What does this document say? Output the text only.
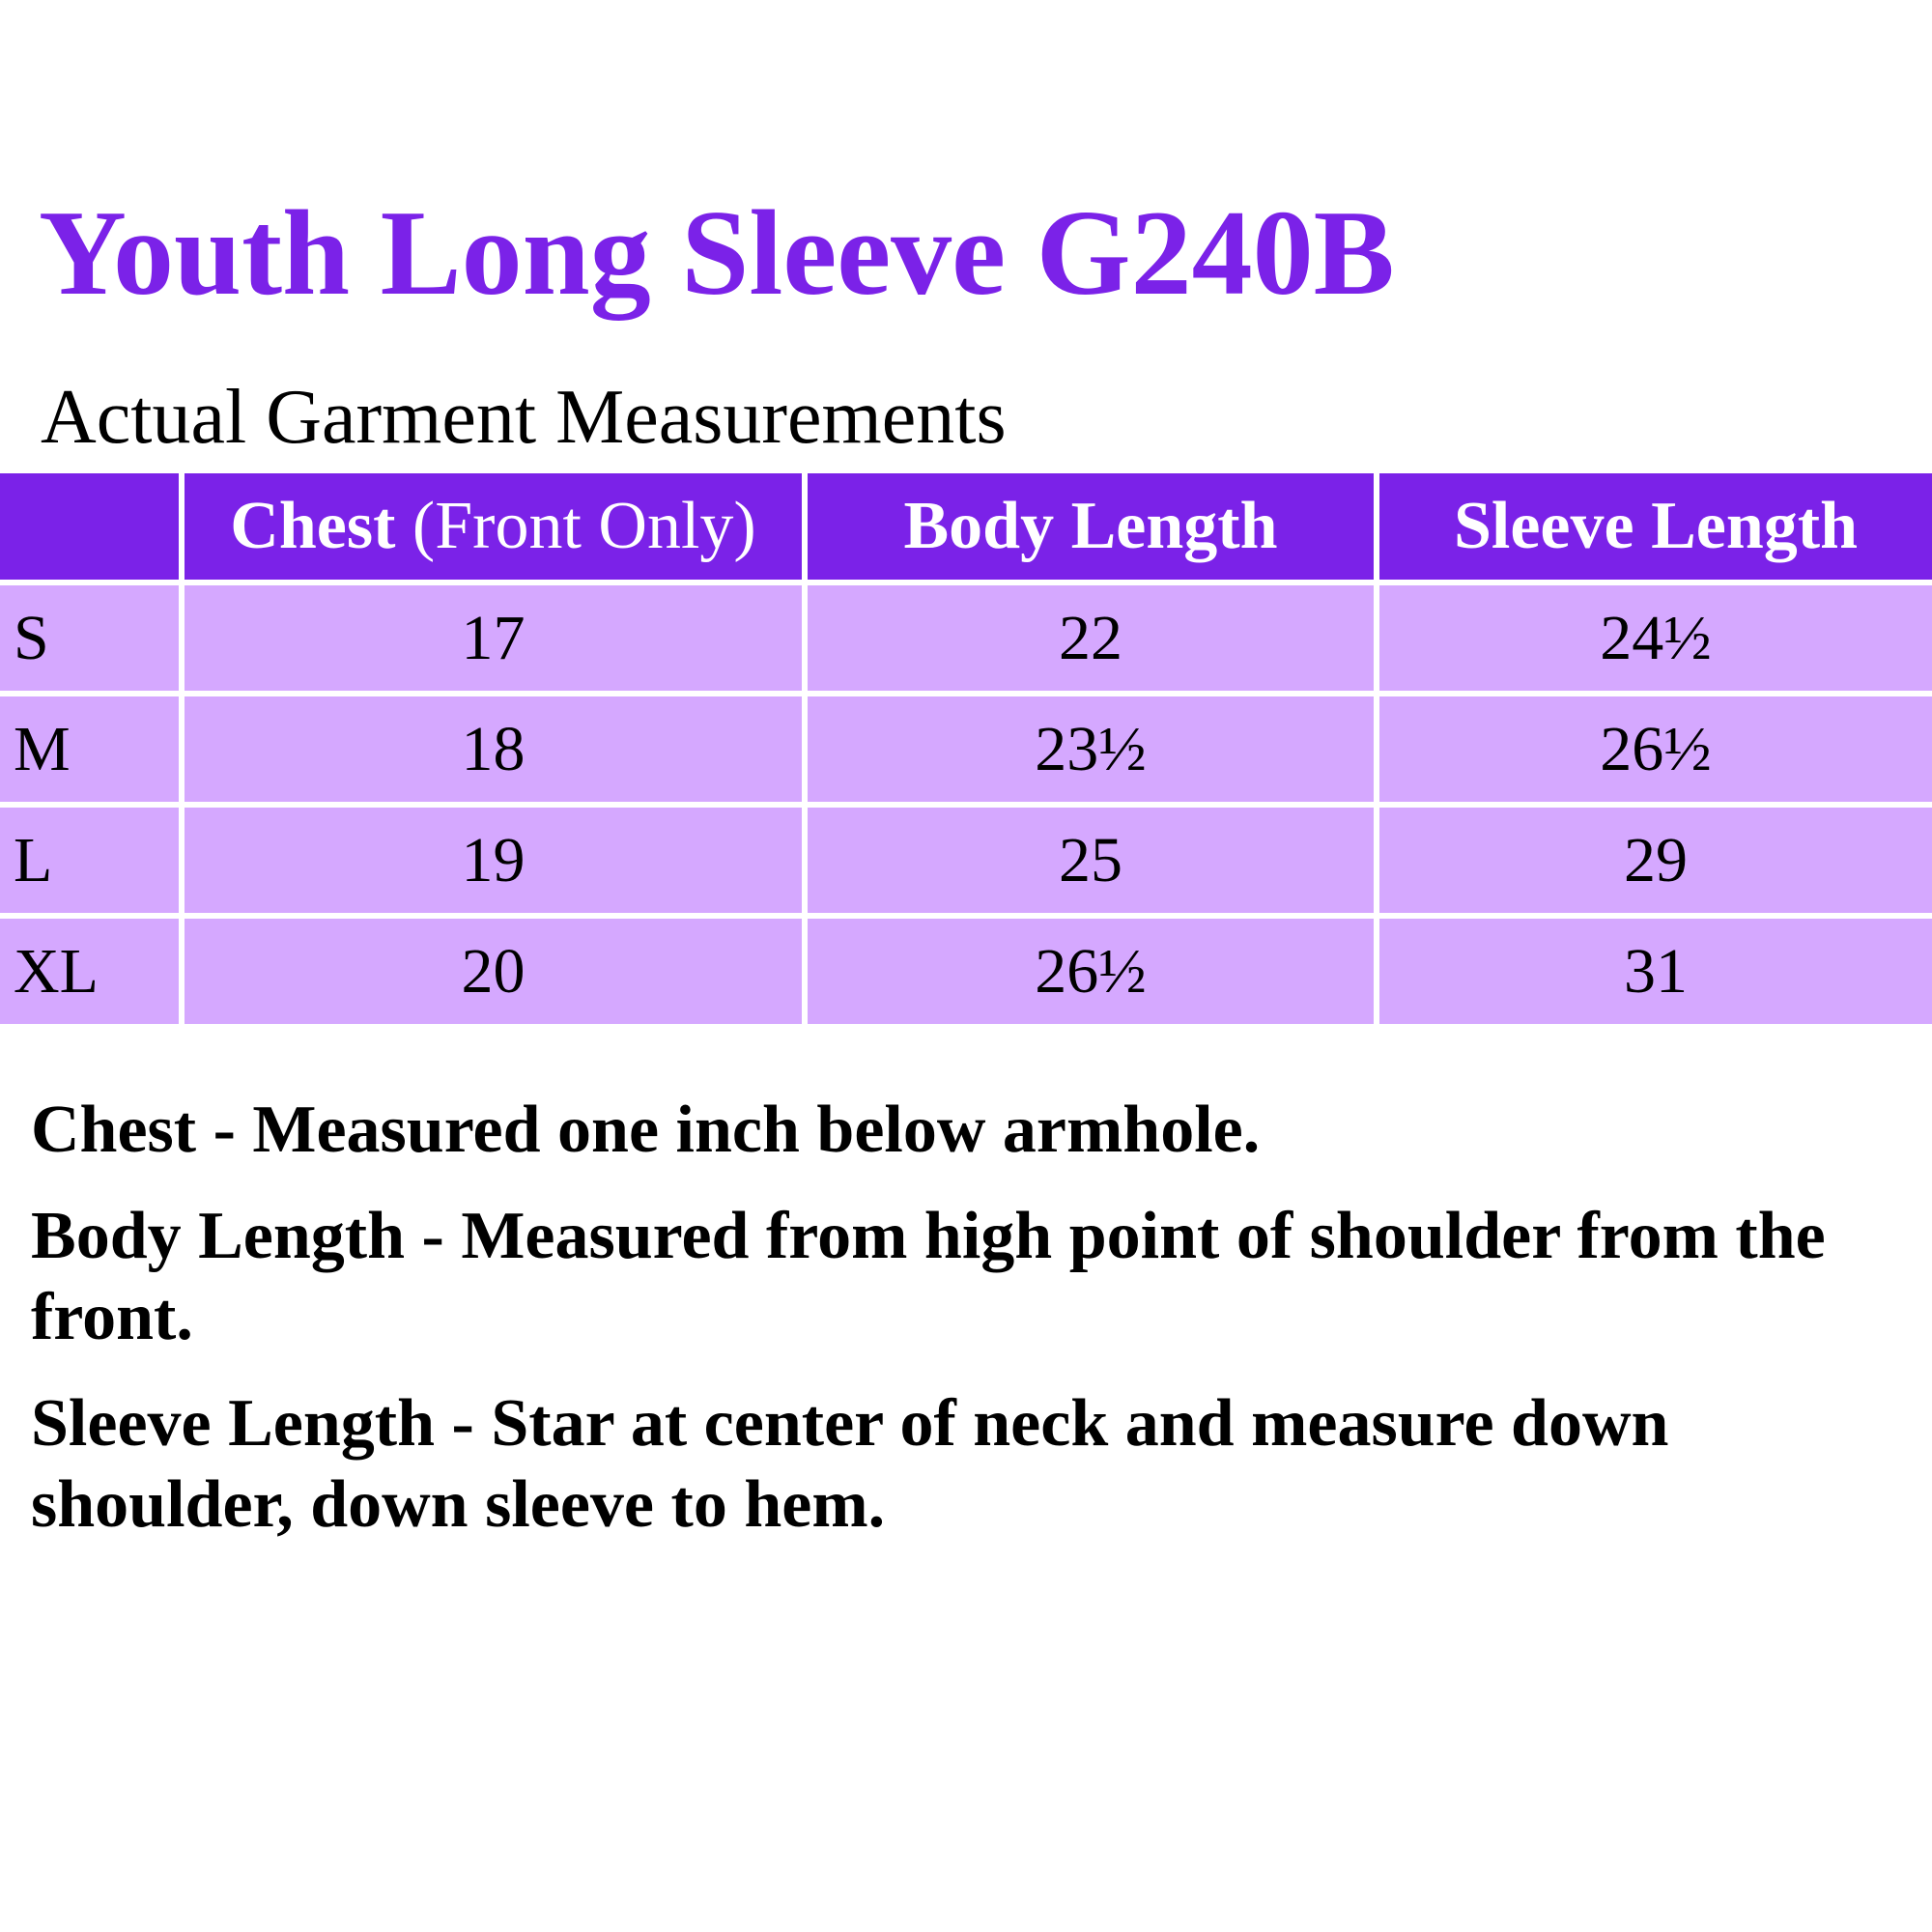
Youth Long Sleeve G240B
Actual Garment Measurements
	Chest (Front Only)	Body Length	Sleeve Length
S	17	22	24½
M	18	23½	26½
L	19	25	29
XL	20	26½	31

Chest - Measured one inch below armhole.

Body Length - Measured from high point of shoulder from the front.

Sleeve Length - Star at center of neck and measure down shoulder, down sleeve to hem.
